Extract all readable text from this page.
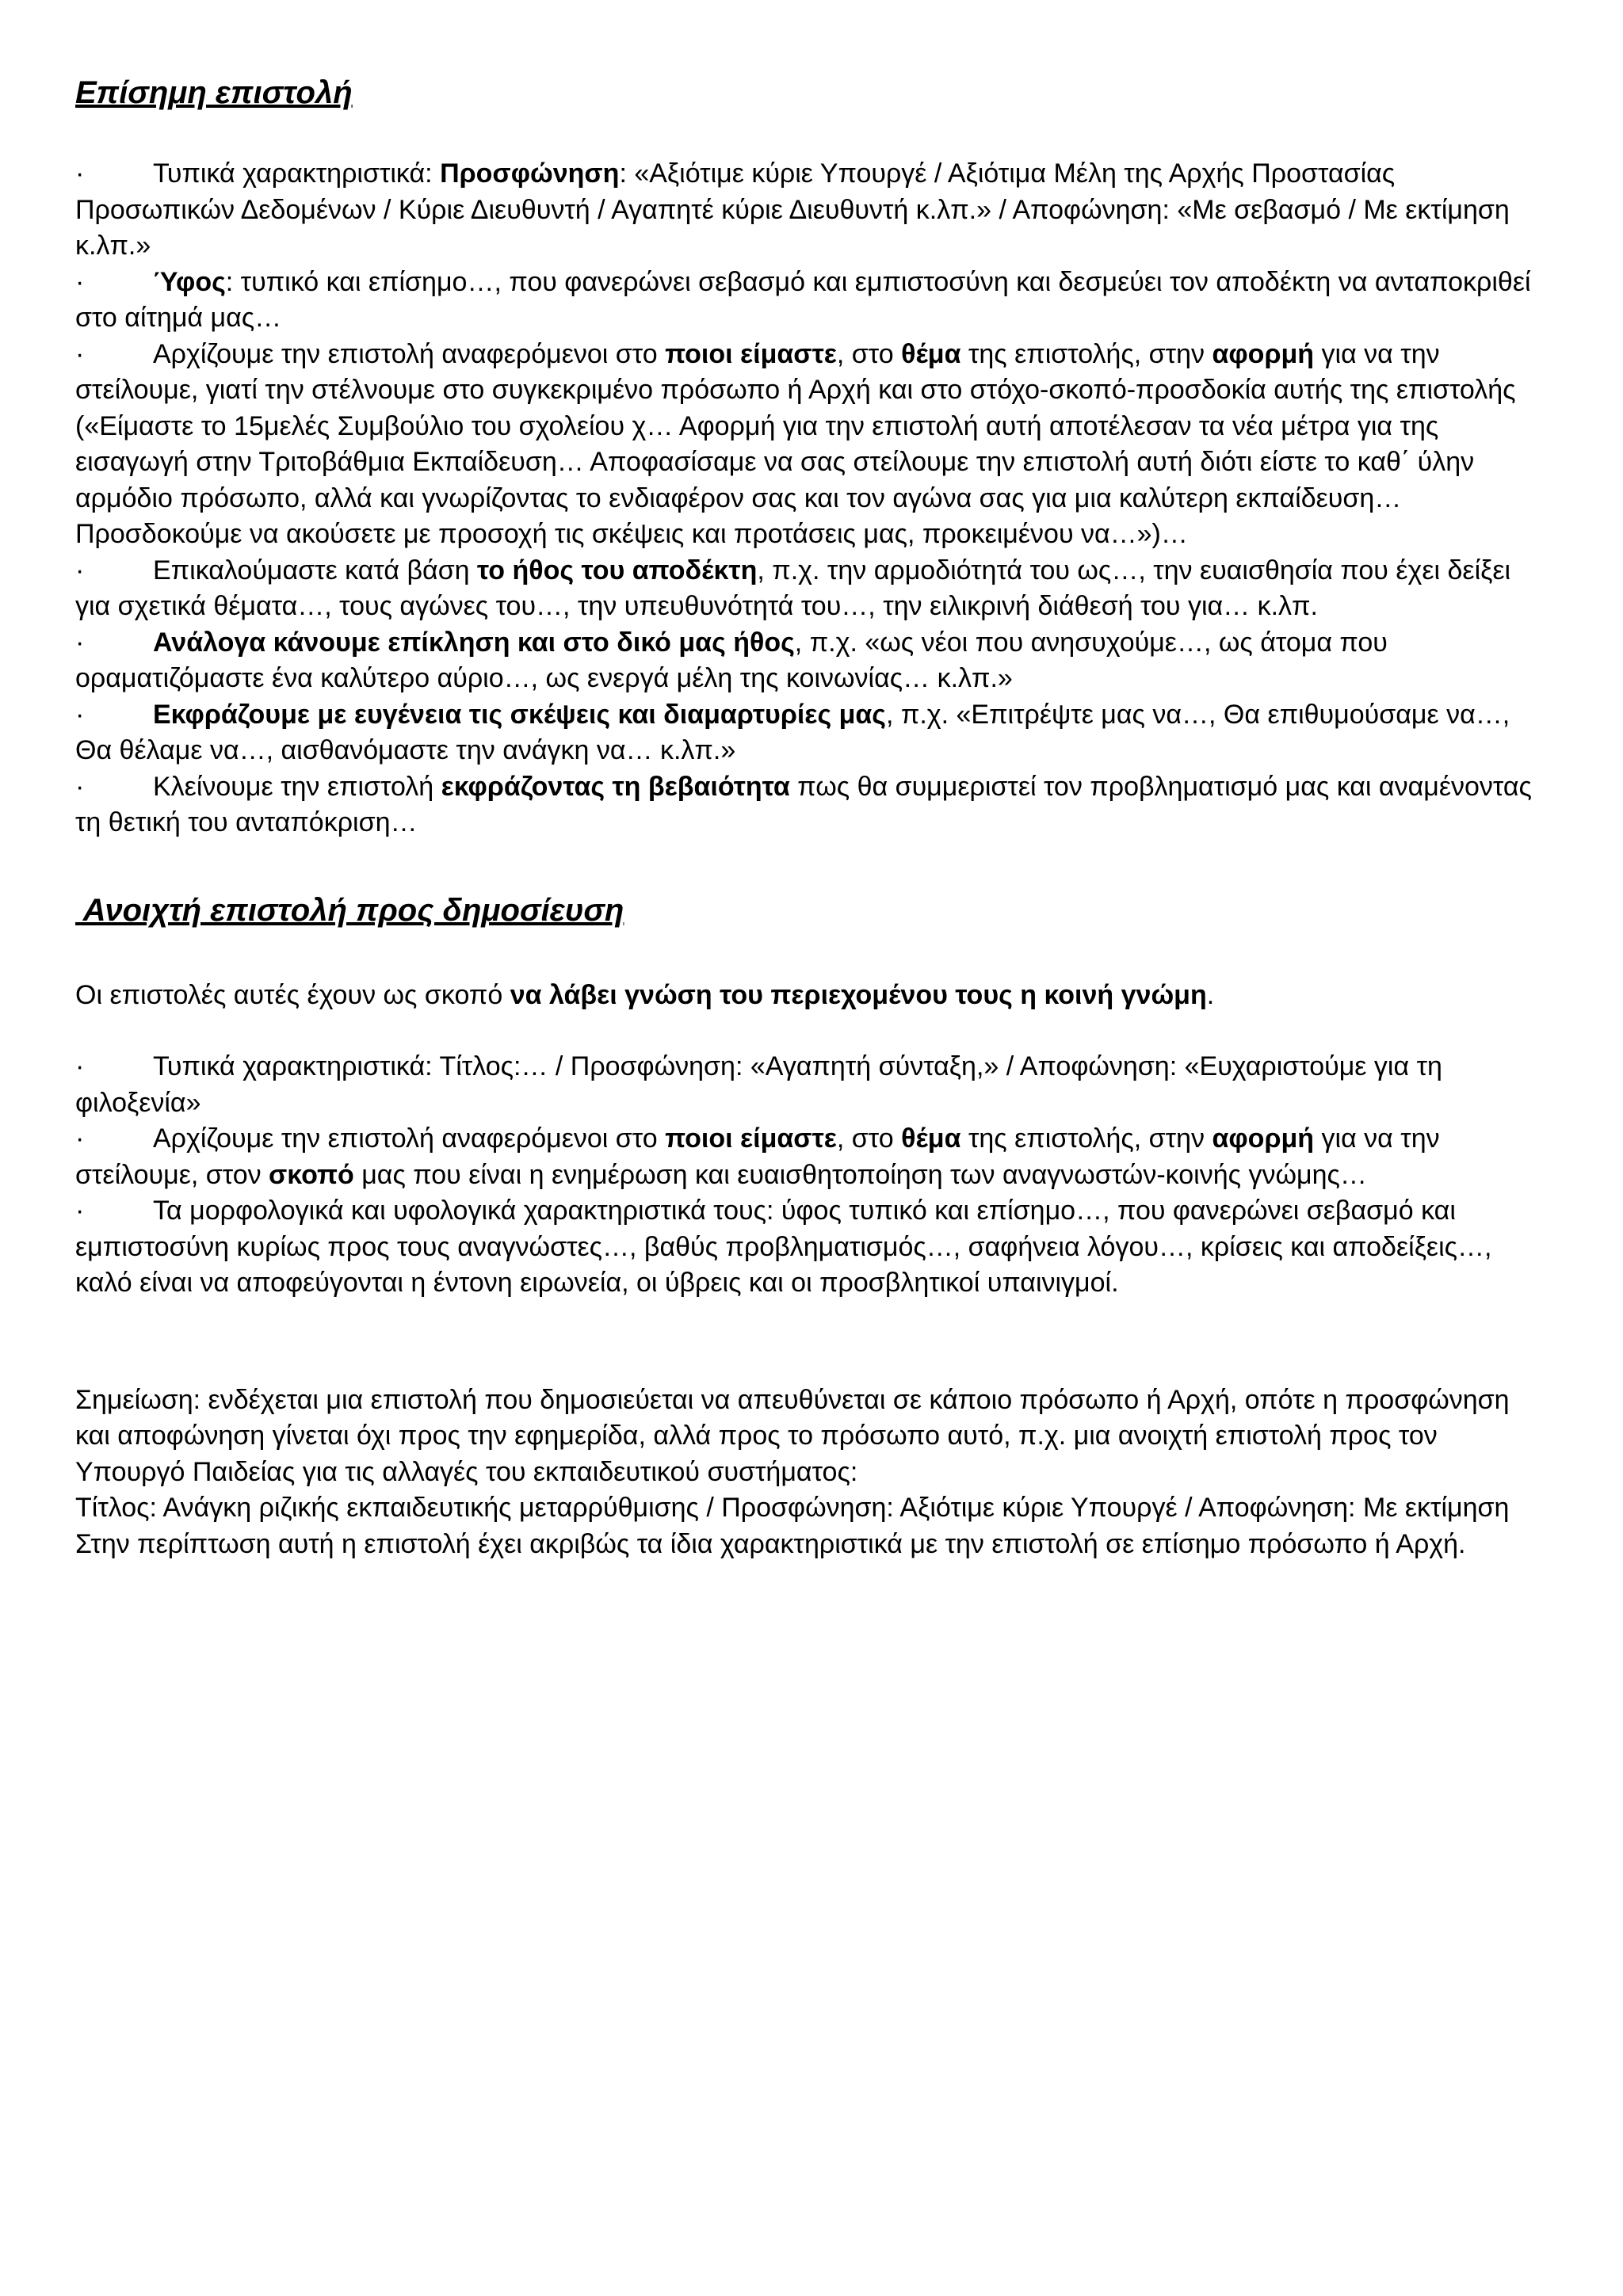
Επίσημη επιστολή

·	Τυπικά χαρακτηριστικά: Προσφώνηση: «Αξιότιμε κύριε Υπουργέ / Αξιότιμα Μέλη της Αρχής Προστασίας Προσωπικών Δεδομένων / Κύριε Διευθυντή / Αγαπητέ κύριε Διευθυντή κ.λπ.» / Αποφώνηση: «Με σεβασμό / Με εκτίμηση κ.λπ.»

·	Ύφος: τυπικό και επίσημο…, που φανερώνει σεβασμό και εμπιστοσύνη και δεσμεύει τον αποδέκτη να ανταποκριθεί στο αίτημά μας…

·	Αρχίζουμε την επιστολή αναφερόμενοι στο ποιοι είμαστε, στο θέμα της επιστολής, στην αφορμή για να την στείλουμε, γιατί την στέλνουμε στο συγκεκριμένο πρόσωπο ή Αρχή και στο στόχο-σκοπό-προσδοκία αυτής της επιστολής («Είμαστε το 15μελές Συμβούλιο του σχολείου χ… Αφορμή για την επιστολή αυτή αποτέλεσαν τα νέα μέτρα για της εισαγωγή στην Τριτοβάθμια Εκπαίδευση… Αποφασίσαμε να σας στείλουμε την επιστολή αυτή διότι είστε το καθ΄ ύλην αρμόδιο πρόσωπο, αλλά και γνωρίζοντας το ενδιαφέρον σας και τον αγώνα σας για μια καλύτερη εκπαίδευση… Προσδοκούμε να ακούσετε με προσοχή τις σκέψεις και προτάσεις μας, προκειμένου να…»)…

·	Επικαλούμαστε κατά βάση το ήθος του αποδέκτη, π.χ. την αρμοδιότητά του ως…, την ευαισθησία που έχει δείξει για σχετικά θέματα…, τους αγώνες του…, την υπευθυνότητά του…, την ειλικρινή διάθεσή του για… κ.λπ.

·	Ανάλογα κάνουμε επίκληση και στο δικό μας ήθος, π.χ. «ως νέοι που ανησυχούμε…, ως άτομα που οραματιζόμαστε ένα καλύτερο αύριο…, ως ενεργά μέλη της κοινωνίας… κ.λπ.»

·	Εκφράζουμε με ευγένεια τις σκέψεις και διαμαρτυρίες μας, π.χ. «Επιτρέψτε μας να…, Θα επιθυμούσαμε να…, Θα θέλαμε να…, αισθανόμαστε την ανάγκη να… κ.λπ.»

·	Κλείνουμε την επιστολή εκφράζοντας τη βεβαιότητα πως θα συμμεριστεί τον προβληματισμό μας και αναμένοντας τη θετική του ανταπόκριση…

Ανοιχτή επιστολή προς δημοσίευση

Οι επιστολές αυτές έχουν ως σκοπό να λάβει γνώση του περιεχομένου τους η κοινή γνώμη.

·	Τυπικά χαρακτηριστικά: Τίτλος:… / Προσφώνηση: «Αγαπητή σύνταξη,» / Αποφώνηση: «Ευχαριστούμε για τη φιλοξενία»

·	Αρχίζουμε την επιστολή αναφερόμενοι στο ποιοι είμαστε, στο θέμα της επιστολής, στην αφορμή για να την στείλουμε, στον σκοπό μας που είναι η ενημέρωση και ευαισθητοποίηση των αναγνωστών-κοινής γνώμης…

·	Τα μορφολογικά και υφολογικά χαρακτηριστικά τους: ύφος τυπικό και επίσημο…, που φανερώνει σεβασμό και εμπιστοσύνη κυρίως προς τους αναγνώστες…, βαθύς προβληματισμός…, σαφήνεια λόγου…, κρίσεις και αποδείξεις…, καλό είναι να αποφεύγονται η έντονη ειρωνεία, οι ύβρεις και οι προσβλητικοί υπαινιγμοί.

Σημείωση: ενδέχεται μια επιστολή που δημοσιεύεται να απευθύνεται σε κάποιο πρόσωπο ή Αρχή, οπότε η προσφώνηση και αποφώνηση γίνεται όχι προς την εφημερίδα, αλλά προς το πρόσωπο αυτό, π.χ. μια ανοιχτή επιστολή προς τον Υπουργό Παιδείας για τις αλλαγές του εκπαιδευτικού συστήματος:

Τίτλος: Ανάγκη ριζικής εκπαιδευτικής μεταρρύθμισης / Προσφώνηση: Αξιότιμε κύριε Υπουργέ / Αποφώνηση: Με εκτίμηση

Στην περίπτωση αυτή η επιστολή έχει ακριβώς τα ίδια χαρακτηριστικά με την επιστολή σε επίσημο πρόσωπο ή Αρχή.
